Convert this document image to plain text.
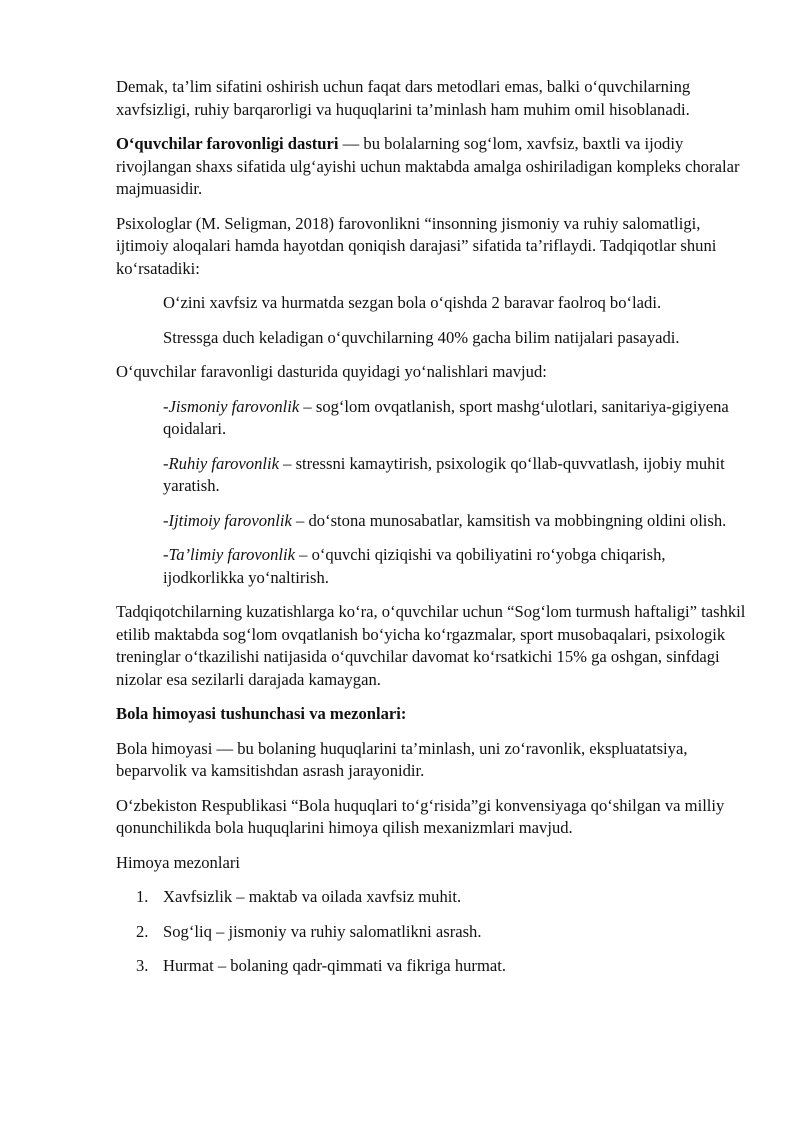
Demak, ta’lim sifatini oshirish uchun faqat dars metodlari emas, balki o‘quvchilarning xavfsizligi, ruhiy barqarorligi va huquqlarini ta’minlash ham muhim omil hisoblanadi.

O‘quvchilar farovonligi dasturi — bu bolalarning sog‘lom, xavfsiz, baxtli va ijodiy rivojlangan shaxs sifatida ulg‘ayishi uchun maktabda amalga oshiriladigan kompleks choralar majmuasidir.

Psixologlar (M. Seligman, 2018) farovonlikni “insonning jismoniy va ruhiy salomatligi, ijtimoiy aloqalari hamda hayotdan qoniqish darajasi” sifatida ta’riflaydi. Tadqiqotlar shuni ko‘rsatadiki:

O‘zini xavfsiz va hurmatda sezgan bola o‘qishda 2 baravar faolroq bo‘ladi.

Stressga duch keladigan o‘quvchilarning 40% gacha bilim natijalari pasayadi.

O‘quvchilar faravonligi dasturida quyidagi yo‘nalishlari mavjud:

-Jismoniy farovonlik – sog‘lom ovqatlanish, sport mashg‘ulotlari, sanitariya-gigiyena qoidalari.

-Ruhiy farovonlik – stressni kamaytirish, psixologik qo‘llab-quvvatlash, ijobiy muhit yaratish.

-Ijtimoiy farovonlik – do‘stona munosabatlar, kamsitish va mobbingning oldini olish.

-Ta’limiy farovonlik – o‘quvchi qiziqishi va qobiliyatini ro‘yobga chiqarish, ijodkorlikka yo‘naltirish.

Tadqiqotchilarning kuzatishlarga ko‘ra, o‘quvchilar uchun “Sog‘lom turmush haftaligi” tashkil etilib maktabda sog‘lom ovqatlanish bo‘yicha ko‘rgazmalar, sport musobaqalari, psixologik treninglar o‘tkazilishi natijasida o‘quvchilar davomat ko‘rsatkichi 15% ga oshgan, sinfdagi nizolar esa sezilarli darajada kamaygan.

Bola himoyasi tushunchasi va mezonlari:

Bola himoyasi — bu bolaning huquqlarini ta’minlash, uni zo‘ravonlik, ekspluatatsiya, beparvolik va kamsitishdan asrash jarayonidir.

O‘zbekiston Respublikasi “Bola huquqlari to‘g‘risida”gi konvensiyaga qo‘shilgan va milliy qonunchilikda bola huquqlarini himoya qilish mexanizmlari mavjud.

Himoya mezonlari

1. Xavfsizlik – maktab va oilada xavfsiz muhit.
2. Sog‘liq – jismoniy va ruhiy salomatlikni asrash.
3. Hurmat – bolaning qadr-qimmati va fikriga hurmat.
